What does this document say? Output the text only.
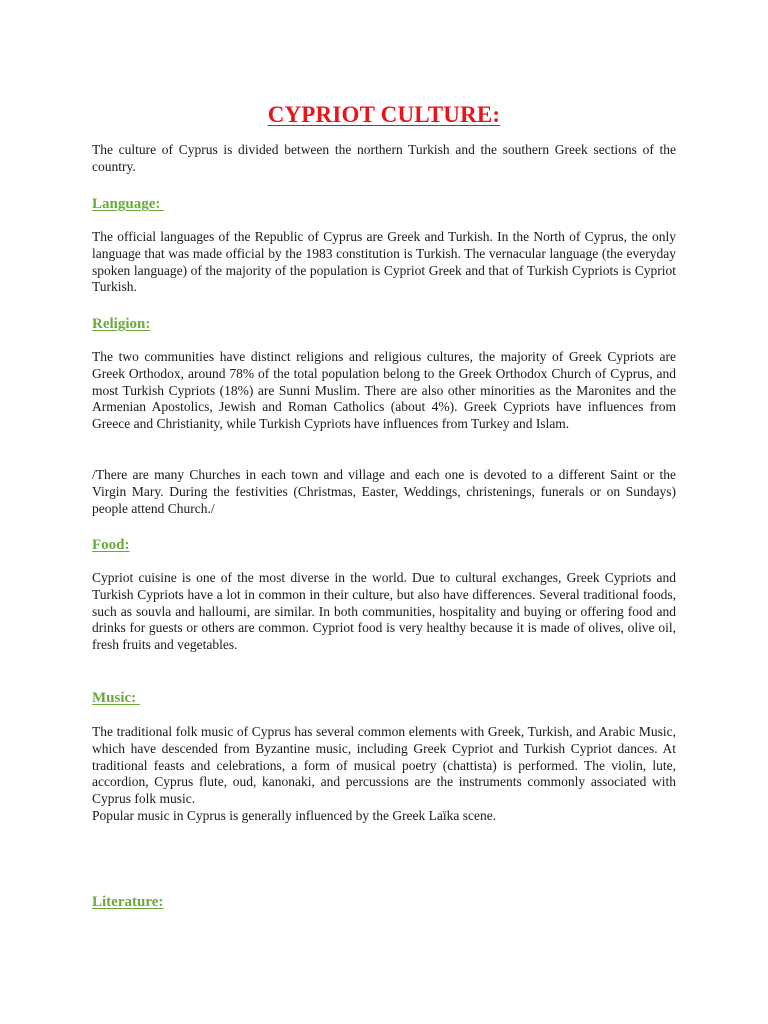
CYPRIOT CULTURE:

The culture of Cyprus is divided between the northern Turkish and the southern Greek sections of the country.

Language:

The official languages of the Republic of Cyprus are Greek and Turkish. In the North of Cyprus, the only language that was made official by the 1983 constitution is Turkish. The vernacular language (the everyday spoken language) of the majority of the population is Cypriot Greek and that of Turkish Cypriots is Cypriot Turkish.

Religion:

The two communities have distinct religions and religious cultures, the majority of Greek Cypriots are Greek Orthodox, around 78% of the total population belong to the Greek Orthodox Church of Cyprus, and most Turkish Cypriots (18%) are Sunni Muslim. There are also other minorities as the Maronites and the Armenian Apostolics, Jewish and Roman Catholics (about 4%). Greek Cypriots have influences from Greece and Christianity, while Turkish Cypriots have influences from Turkey and Islam.

/There are many Churches in each town and village and each one is devoted to a different Saint or the Virgin Mary. During the festivities (Christmas, Easter, Weddings, christenings, funerals or on Sundays) people attend Church./

Food:

Cypriot cuisine is one of the most diverse in the world. Due to cultural exchanges, Greek Cypriots and Turkish Cypriots have a lot in common in their culture, but also have differences. Several traditional foods, such as souvla and halloumi, are similar. In both communities, hospitality and buying or offering food and drinks for guests or others are common. Cypriot food is very healthy because it is made of olives, olive oil, fresh fruits and vegetables.

Music:

The traditional folk music of Cyprus has several common elements with Greek, Turkish, and Arabic Music, which have descended from Byzantine music, including Greek Cypriot and Turkish Cypriot dances. At traditional feasts and celebrations, a form of musical poetry (chattista) is performed. The violin, lute, accordion, Cyprus flute, oud, kanonaki, and percussions are the instruments commonly associated with Cyprus folk music.

Popular music in Cyprus is generally influenced by the Greek Laïka scene.

Literature:
